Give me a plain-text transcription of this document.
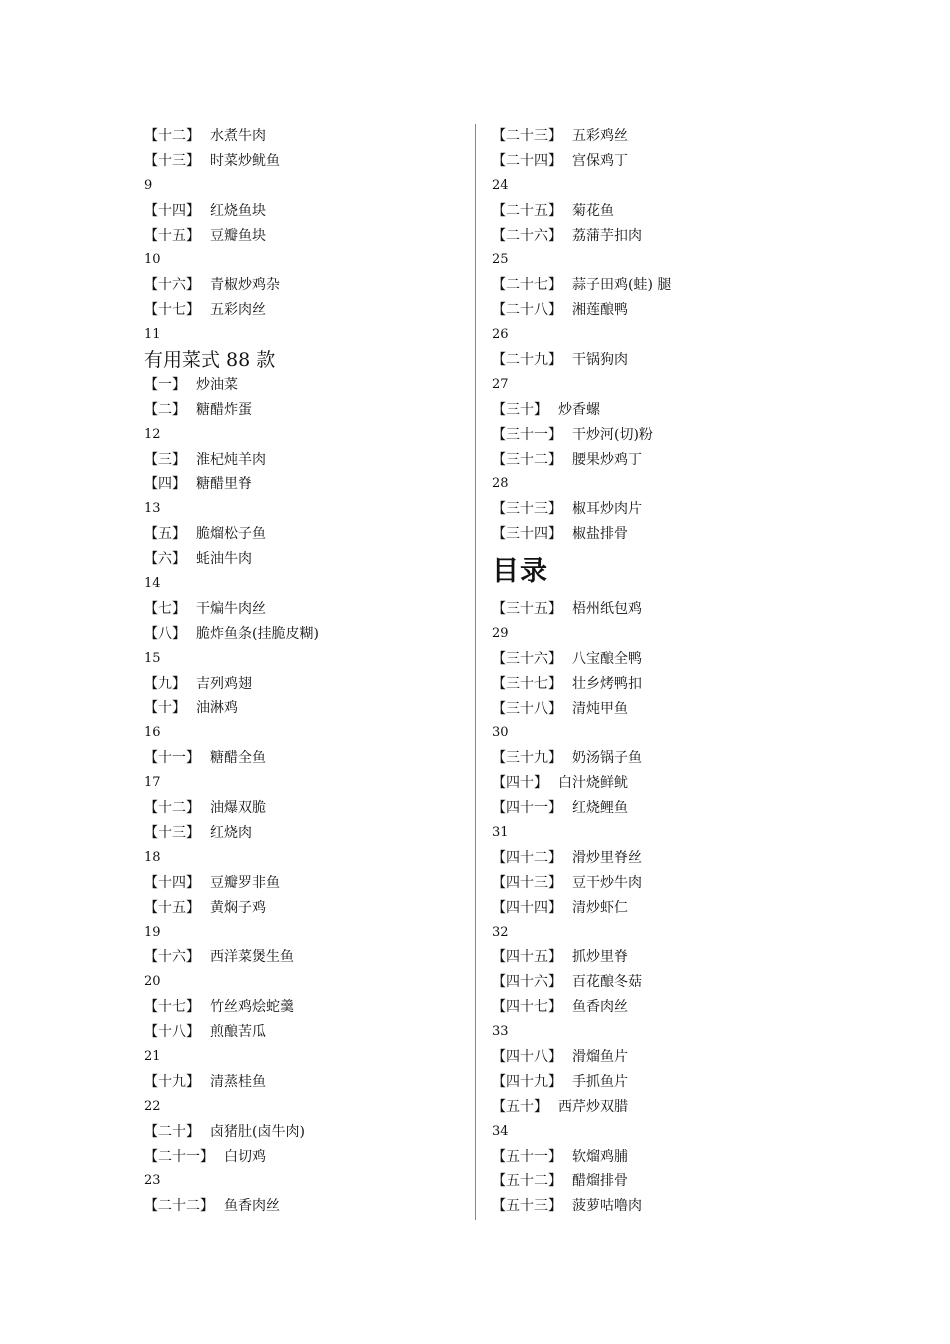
【十二】 水煮牛肉
【十三】 时菜炒鱿鱼
9
【十四】 红烧鱼块
【十五】 豆瓣鱼块
10
【十六】 青椒炒鸡杂
【十七】 五彩肉丝
11
有用菜式 88 款
【一】 炒油菜
【二】 糖醋炸蛋
12
【三】 淮杞炖羊肉
【四】 糖醋里脊
13
【五】 脆熘松子鱼
【六】 蚝油牛肉
14
【七】 干煸牛肉丝
【八】 脆炸鱼条(挂脆皮糊)
15
【九】 吉列鸡翅
【十】 油淋鸡
16
【十一】 糖醋全鱼
17
【十二】 油爆双脆
【十三】 红烧肉
18
【十四】 豆瓣罗非鱼
【十五】 黄焖子鸡
19
【十六】 西洋菜煲生鱼
20
【十七】 竹丝鸡烩蛇羹
【十八】 煎酿苦瓜
21
【十九】 清蒸桂鱼
22
【二十】 卤猪肚(卤牛肉)
【二十一】 白切鸡
23
【二十二】 鱼香肉丝
【二十三】 五彩鸡丝
【二十四】 宫保鸡丁
24
【二十五】 菊花鱼
【二十六】 荔蒲芋扣肉
25
【二十七】 蒜子田鸡(蛙) 腿
【二十八】 湘莲酿鸭
26
【二十九】 干锅狗肉
27
【三十】 炒香螺
【三十一】 干炒河(切)粉
【三十二】 腰果炒鸡丁
28
【三十三】 椒耳炒肉片
【三十四】 椒盐排骨
目录
【三十五】 梧州纸包鸡
29
【三十六】 八宝酿全鸭
【三十七】 壮乡烤鸭扣
【三十八】 清炖甲鱼
30
【三十九】 奶汤锅子鱼
【四十】 白汁烧鲜鱿
【四十一】 红烧鲤鱼
31
【四十二】 滑炒里脊丝
【四十三】 豆干炒牛肉
【四十四】 清炒虾仁
32
【四十五】 抓炒里脊
【四十六】 百花酿冬菇
【四十七】 鱼香肉丝
33
【四十八】 滑熘鱼片
【四十九】 手抓鱼片
【五十】 西芹炒双腊
34
【五十一】 软熘鸡脯
【五十二】 醋熘排骨
【五十三】 菠萝咕噜肉
